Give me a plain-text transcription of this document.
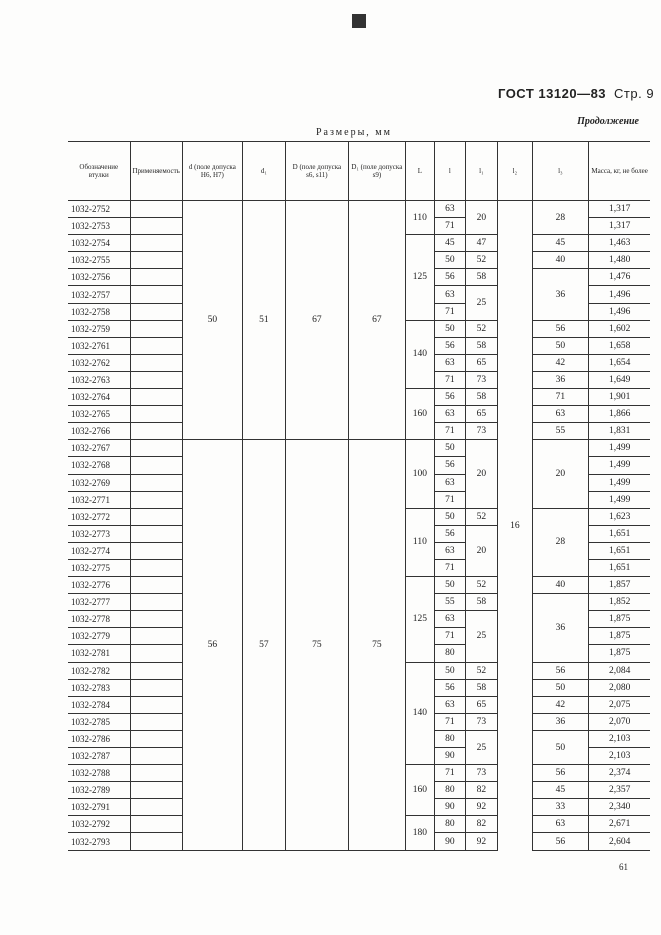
ГОСТ 13120—83 Стр. 9
Продолжение
Размеры, мм
Обозначение втулки	Применяемость	d (поле допуска H6, H7)	d₁	D (поле допуска s6, s11)	D₁ (поле допуска s9)	L	l	l₁	l₂	l₃	Масса, кг, не более
1032-2752		50	51	67	67	110	63	20	16	28	1,317
1032-2753							71				1,317
1032-2754						125	45	47		45	1,463
1032-2755							50	52		40	1,480
1032-2756							56	58		36	1,476
1032-2757							63	25			1,496
1032-2758							71				1,496
1032-2759						140	50	52		56	1,602
1032-2761							56	58		50	1,658
1032-2762							63	65		42	1,654
1032-2763							71	73		36	1,649
1032-2764						160	56	58		71	1,901
1032-2765							63	65		63	1,866
1032-2766							71	73		55	1,831
1032-2767		56	57	75	75	100	50	20		20	1,499
1032-2768							56				1,499
1032-2769							63				1,499
1032-2771							71				1,499
1032-2772						110	50	52		28	1,623
1032-2773							56	20			1,651
1032-2774							63				1,651
1032-2775							71				1,651
1032-2776						125	50	52		40	1,857
1032-2777							55	58		36	1,852
1032-2778							63	25			1,875
1032-2779							71				1,875
1032-2781							80				1,875
1032-2782						140	50	52		56	2,084
1032-2783							56	58		50	2,080
1032-2784							63	65		42	2,075
1032-2785							71	73		36	2,070
1032-2786							80	25		50	2,103
1032-2787							90				2,103
1032-2788						160	71	73		56	2,374
1032-2789							80	82		45	2,357
1032-2791							90	92		33	2,340
1032-2792						180	80	82		63	2,671
1032-2793							90	92		56	2,604
61
